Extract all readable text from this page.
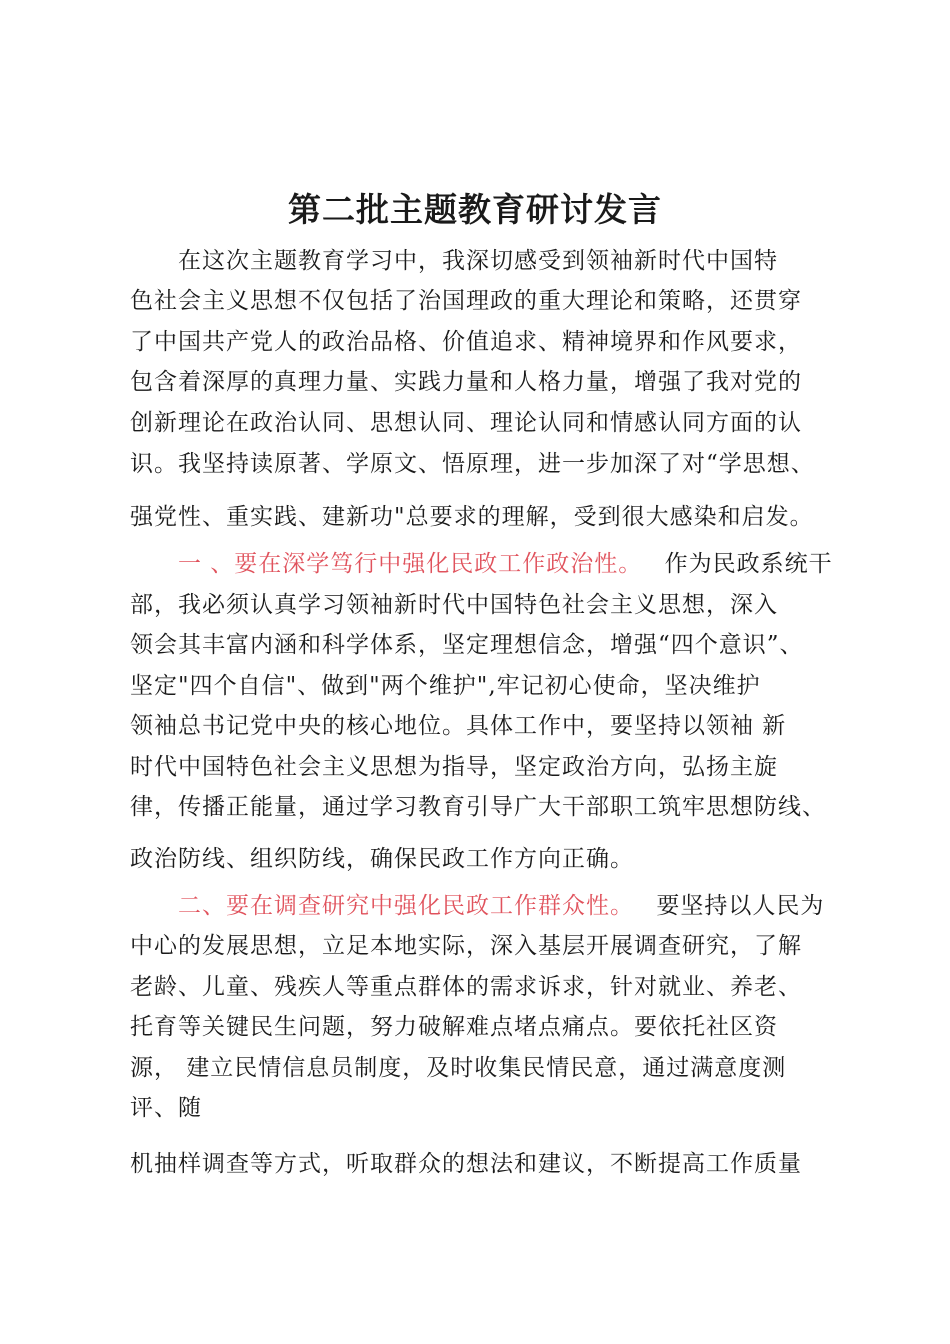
第二批主题教育研讨发言
在这次主题教育学习中，我深切感受到领袖新时代中国特
色社会主义思想不仅包括了治国理政的重大理论和策略，还贯穿
了中国共产党人的政治品格、价值追求、精神境界和作风要求，
包含着深厚的真理力量、实践力量和人格力量，增强了我对党的
创新理论在政治认同、思想认同、理论认同和情感认同方面的认
识。我坚持读原著、学原文、悟原理，进一步加深了对“学思想、
强党性、重实践、建新功"总要求的理解，受到很大感染和启发。
一 、要在深学笃行中强化民政工作政治性。 作为民政系统干
部，我必须认真学习领袖新时代中国特色社会主义思想，深入
领会其丰富内涵和科学体系，坚定理想信念，增强“四个意识”、
坚定"四个自信"、做到"两个维护",牢记初心使命，坚决维护
领袖总书记党中央的核心地位。具体工作中，要坚持以领袖 新
时代中国特色社会主义思想为指导，坚定政治方向，弘扬主旋
律，传播正能量，通过学习教育引导广大干部职工筑牢思想防线、
政治防线、组织防线，确保民政工作方向正确。
二、要在调查研究中强化民政工作群众性。 要坚持以人民为
中心的发展思想，立足本地实际，深入基层开展调查研究，了解
老龄、儿童、残疾人等重点群体的需求诉求，针对就业、养老、
托育等关键民生问题，努力破解难点堵点痛点。要依托社区资
源， 建立民情信息员制度，及时收集民情民意，通过满意度测
评、随
机抽样调查等方式，听取群众的想法和建议，不断提高工作质量
